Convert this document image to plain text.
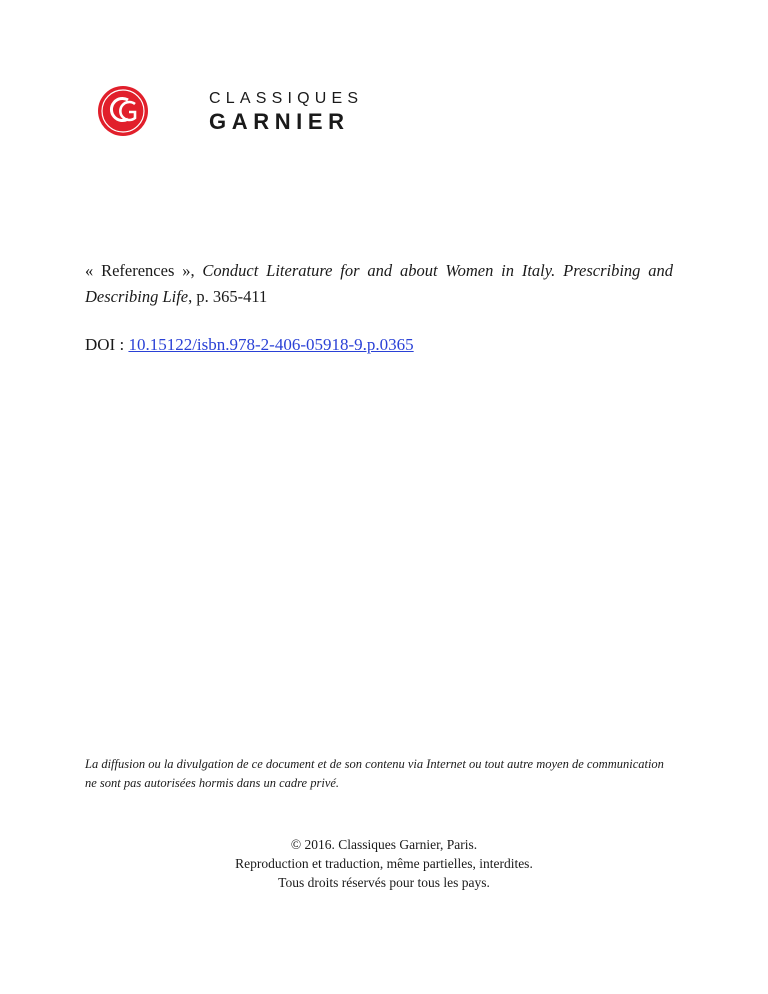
CLASSIQUES
GARNIER
« References », Conduct Literature for and about Women in Italy. Prescribing and Describing Life, p. 365-411
DOI : 10.15122/isbn.978-2-406-05918-9.p.0365
La diffusion ou la divulgation de ce document et de son contenu via Internet ou tout autre moyen de communication ne sont pas autorisées hormis dans un cadre privé.
© 2016. Classiques Garnier, Paris.
Reproduction et traduction, même partielles, interdites.
Tous droits réservés pour tous les pays.
